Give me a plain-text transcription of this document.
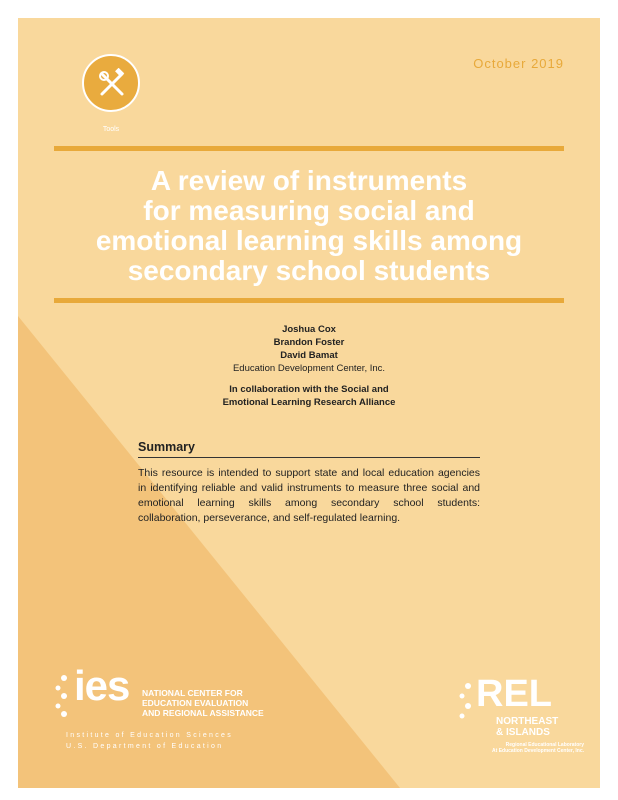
October 2019
Tools
A review of instruments
for measuring social and
emotional learning skills among
secondary school students
Joshua Cox
Brandon Foster
David Bamat
Education Development Center, Inc.
In collaboration with the Social and
Emotional Learning Research Alliance
Summary

This resource is intended to support state and local education agencies in identifying reliable and valid instruments to measure three social and emotional learning skills among secondary school students: collaboration, perseverance, and self-regulated learning.

ies NATIONAL CENTER FOR
EDUCATION EVALUATION
AND REGIONAL ASSISTANCE
Institute of Education Sciences
U.S. Department of Education
REL
NORTHEAST
& ISLANDS
Regional Educational Laboratory
At Education Development Center, Inc.
